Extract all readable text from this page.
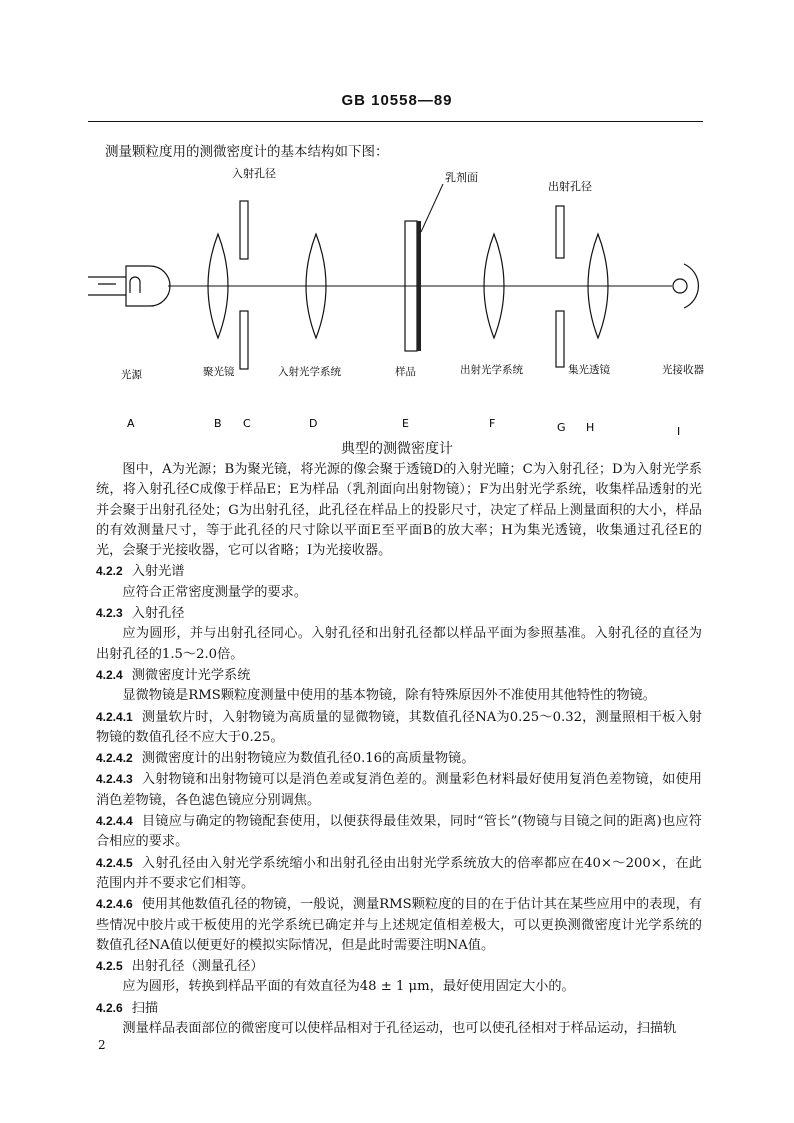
GB 10558—89
测量颗粒度用的测微密度计的基本结构如下图：
入射孔径	乳剂面
出射孔径
光源	聚光镜	入射光学系统	样品	出射光学系统	集光透镜	光接收器
A	B C	D	E	F	G H	I
典型的测微密度计
图中，A为光源；B为聚光镜，将光源的像会聚于透镜D的入射光瞳；C为入射孔径；D为入射光学系统，将入射孔径C成像于样品E；E为样品（乳剂面向出射物镜）；F为出射光学系统，收集样品透射的光并会聚于出射孔径处；G为出射孔径，此孔径在样品上的投影尺寸，决定了样品上测量面积的大小，样品的有效测量尺寸，等于此孔径的尺寸除以平面E至平面B的放大率；H为集光透镜，收集通过孔径E的光，会聚于光接收器，它可以省略；I为光接收器。
4.2.2 入射光谱
应符合正常密度测量学的要求。
4.2.3 入射孔径
应为圆形，并与出射孔径同心。入射孔径和出射孔径都以样品平面为参照基准。入射孔径的直径为出射孔径的1.5～2.0倍。
4.2.4 测微密度计光学系统
显微物镜是RMS颗粒度测量中使用的基本物镜，除有特殊原因外不准使用其他特性的物镜。
4.2.4.1 测量软片时，入射物镜为高质量的显微物镜，其数值孔径NA为0.25～0.32，测量照相干板入射物镜的数值孔径不应大于0.25。
4.2.4.2 测微密度计的出射物镜应为数值孔径0.16的高质量物镜。
4.2.4.3 入射物镜和出射物镜可以是消色差或复消色差的。测量彩色材料最好使用复消色差物镜，如使用消色差物镜，各色滤色镜应分别调焦。
4.2.4.4 目镜应与确定的物镜配套使用，以便获得最佳效果，同时“管长”(物镜与目镜之间的距离)也应符合相应的要求。
4.2.4.5 入射孔径由入射光学系统缩小和出射孔径由出射光学系统放大的倍率都应在40×～200×，在此范围内并不要求它们相等。
4.2.4.6 使用其他数值孔径的物镜，一般说，测量RMS颗粒度的目的在于估计其在某些应用中的表现，有些情况中胶片或干板使用的光学系统已确定并与上述规定值相差极大，可以更换测微密度计光学系统的数值孔径NA值以便更好的模拟实际情况，但是此时需要注明NA值。
4.2.5 出射孔径（测量孔径）
应为圆形，转换到样品平面的有效直径为48 ± 1 μm，最好使用固定大小的。
4.2.6 扫描
测量样品表面部位的微密度可以使样品相对于孔径运动，也可以使孔径相对于样品运动，扫描轨
2
